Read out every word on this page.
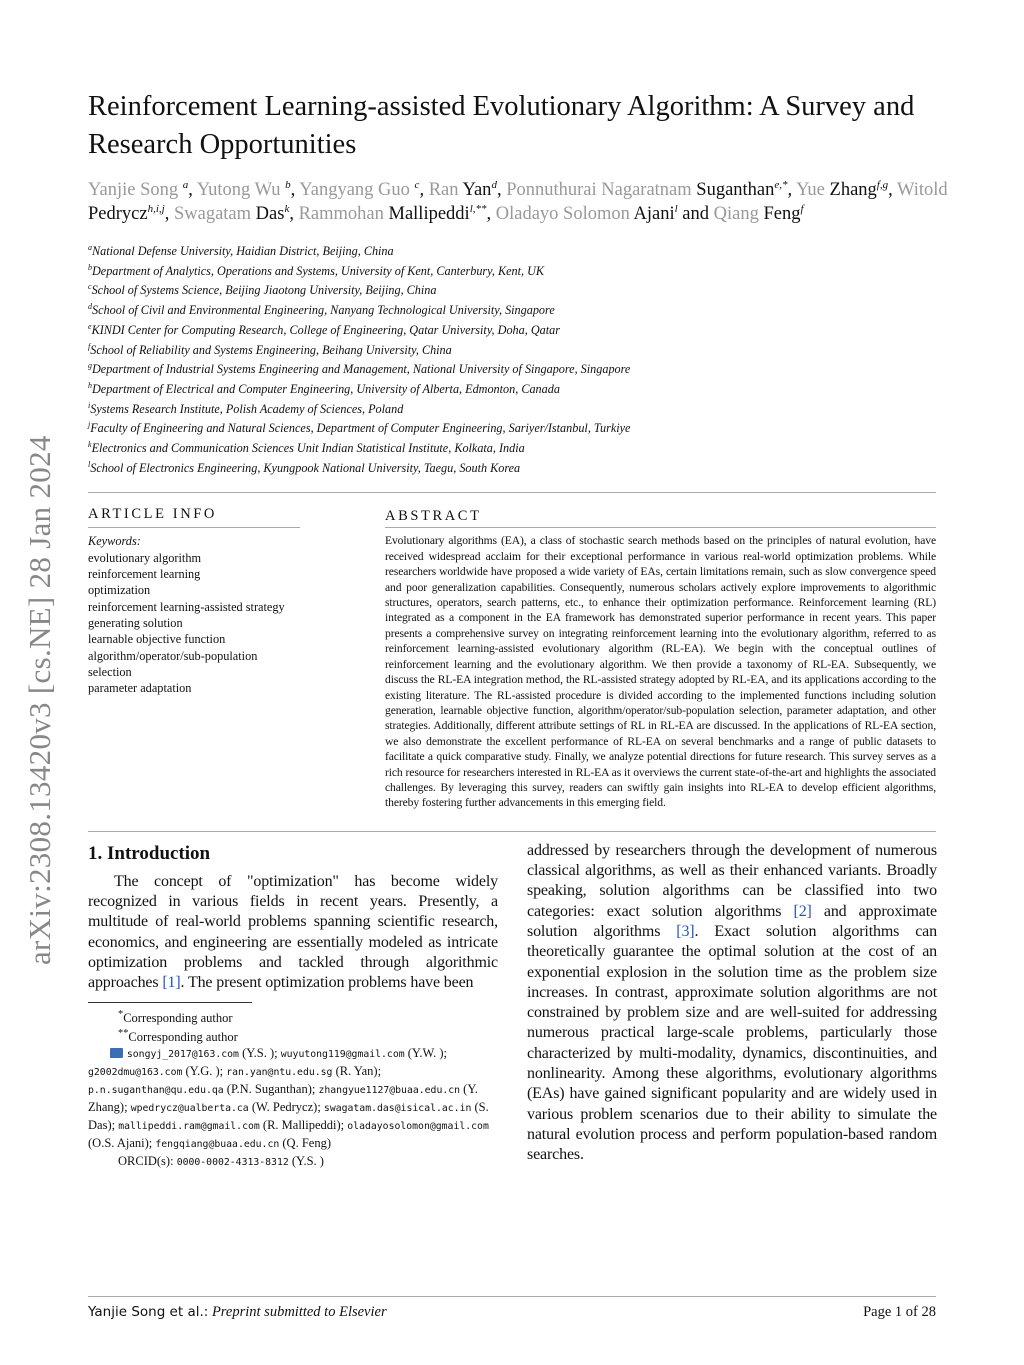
arXiv:2308.13420v3 [cs.NE] 28 Jan 2024
Reinforcement Learning-assisted Evolutionary Algorithm: A Survey and Research Opportunities
Yanjie Song $^a$, Yutong Wu $^b$, Yangyang Guo $^c$, Ran Yan$^d$, Ponnuthurai Nagaratnam Suganthan$^{e,*}$, Yue Zhang$^{f,g}$, Witold Pedrycz$^{h,i,j}$, Swagatam Das$^k$, Rammohan Mallipeddi$^{l,**}$, Oladayo Solomon Ajani$^l$ and Qiang Feng$^f$
$^a$National Defense University, Haidian District, Beijing, China
$^b$Department of Analytics, Operations and Systems, University of Kent, Canterbury, Kent, UK
$^c$School of Systems Science, Beijing Jiaotong University, Beijing, China
$^d$School of Civil and Environmental Engineering, Nanyang Technological University, Singapore
$^e$KINDI Center for Computing Research, College of Engineering, Qatar University, Doha, Qatar
$^f$School of Reliability and Systems Engineering, Beihang University, China
$^g$Department of Industrial Systems Engineering and Management, National University of Singapore, Singapore
$^h$Department of Electrical and Computer Engineering, University of Alberta, Edmonton, Canada
$^i$Systems Research Institute, Polish Academy of Sciences, Poland
$^j$Faculty of Engineering and Natural Sciences, Department of Computer Engineering, Sariyer/Istanbul, Turkiye
$^k$Electronics and Communication Sciences Unit Indian Statistical Institute, Kolkata, India
$^l$School of Electronics Engineering, Kyungpook National University, Taegu, South Korea
ARTICLE INFO
Keywords:
evolutionary algorithm
reinforcement learning
optimization
reinforcement learning-assisted strategy
generating solution
learnable objective function
algorithm/operator/sub-population selection
parameter adaptation
ABSTRACT
Evolutionary algorithms (EA), a class of stochastic search methods based on the principles of natural evolution, have received widespread acclaim for their exceptional performance in various real-world optimization problems. While researchers worldwide have proposed a wide variety of EAs, certain limitations remain, such as slow convergence speed and poor generalization capabilities. Consequently, numerous scholars actively explore improvements to algorithmic structures, operators, search patterns, etc., to enhance their optimization performance. Reinforcement learning (RL) integrated as a component in the EA framework has demonstrated superior performance in recent years. This paper presents a comprehensive survey on integrating reinforcement learning into the evolutionary algorithm, referred to as reinforcement learning-assisted evolutionary algorithm (RL-EA). We begin with the conceptual outlines of reinforcement learning and the evolutionary algorithm. We then provide a taxonomy of RL-EA. Subsequently, we discuss the RL-EA integration method, the RL-assisted strategy adopted by RL-EA, and its applications according to the existing literature. The RL-assisted procedure is divided according to the implemented functions including solution generation, learnable objective function, algorithm/operator/sub-population selection, parameter adaptation, and other strategies. Additionally, different attribute settings of RL in RL-EA are discussed. In the applications of RL-EA section, we also demonstrate the excellent performance of RL-EA on several benchmarks and a range of public datasets to facilitate a quick comparative study. Finally, we analyze potential directions for future research. This survey serves as a rich resource for researchers interested in RL-EA as it overviews the current state-of-the-art and highlights the associated challenges. By leveraging this survey, readers can swiftly gain insights into RL-EA to develop efficient algorithms, thereby fostering further advancements in this emerging field.
1. Introduction
The concept of "optimization" has become widely recognized in various fields in recent years. Presently, a multitude of real-world problems spanning scientific research, economics, and engineering are essentially modeled as intricate optimization problems and tackled through algorithmic approaches [1]. The present optimization problems have been
*Corresponding author
**Corresponding author
songyj_2017@163.com (Y.S. ); wuyutong119@gmail.com (Y.W. ); g2002dmu@163.com (Y.G. ); ran.yan@ntu.edu.sg (R. Yan); p.n.suganthan@qu.edu.qa (P.N. Suganthan); zhangyue1127@buaa.edu.cn (Y. Zhang); wpedrycz@ualberta.ca (W. Pedrycz); swagatam.das@isical.ac.in (S. Das); mallipeddi.ram@gmail.com (R. Mallipeddi); oladayosolomon@gmail.com (O.S. Ajani); fengqiang@buaa.edu.cn (Q. Feng)
ORCID(s): 0000-0002-4313-8312 (Y.S. )
addressed by researchers through the development of numerous classical algorithms, as well as their enhanced variants. Broadly speaking, solution algorithms can be classified into two categories: exact solution algorithms [2] and approximate solution algorithms [3]. Exact solution algorithms can theoretically guarantee the optimal solution at the cost of an exponential explosion in the solution time as the problem size increases. In contrast, approximate solution algorithms are not constrained by problem size and are well-suited for addressing numerous practical large-scale problems, particularly those characterized by multi-modality, dynamics, discontinuities, and nonlinearity. Among these algorithms, evolutionary algorithms (EAs) have gained significant popularity and are widely used in various problem scenarios due to their ability to simulate the natural evolution process and perform population-based random searches.
Yanjie Song et al.: Preprint submitted to Elsevier	Page 1 of 28
